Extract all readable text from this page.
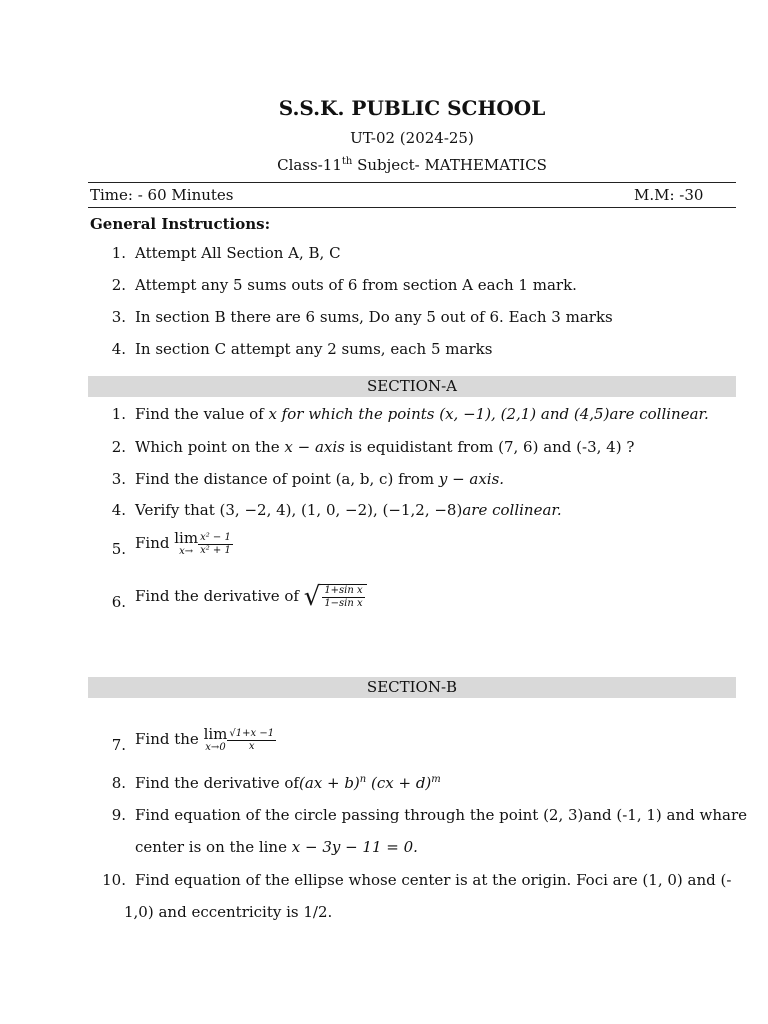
S.S.K. PUBLIC SCHOOL
UT-02 (2024-25)
Class-11th Subject- MATHEMATICS
Time: - 60 Minutes	M.M: -30
General Instructions:
1. Attempt All Section A, B, C
2. Attempt any 5 sums outs of 6 from section A each 1 mark.
3. In section B there are 6 sums, Do any 5 out of 6. Each 3 marks
4. In section C attempt any 2 sums, each 5 marks
SECTION-A
1. Find the value of x for which the points (x, −1), (2,1) and (4,5)are collinear.
2. Which point on the x − axis is equidistant from (7, 6) and (-3, 4) ?
3. Find the distance of point (a, b, c) from y − axis.
4. Verify that (3, −2, 4), (1, 0, −2), (−1,2, −8)are collinear.
5. Find lim
$x\to \frac{\text{x² − 1}}{\text{x² + 1}}$
6. Find the derivative of √ $\frac{\text{1+sin x}}{\text{1−sin x}}$
SECTION-B
7. Find the lim
$x\to 0 \frac{√1+x -1}{x}$
8. Find the derivative of(ax + b)$^n$ (cx + d)$^m$
9. Find equation of the circle passing through the point (2, 3)and (-1, 1) and whare
center is on the line x − 3y − 11 = 0.
10. Find equation of the ellipse whose center is at the origin. Foci are (1, 0) and (-
1,0) and eccentricity is 1/2.
